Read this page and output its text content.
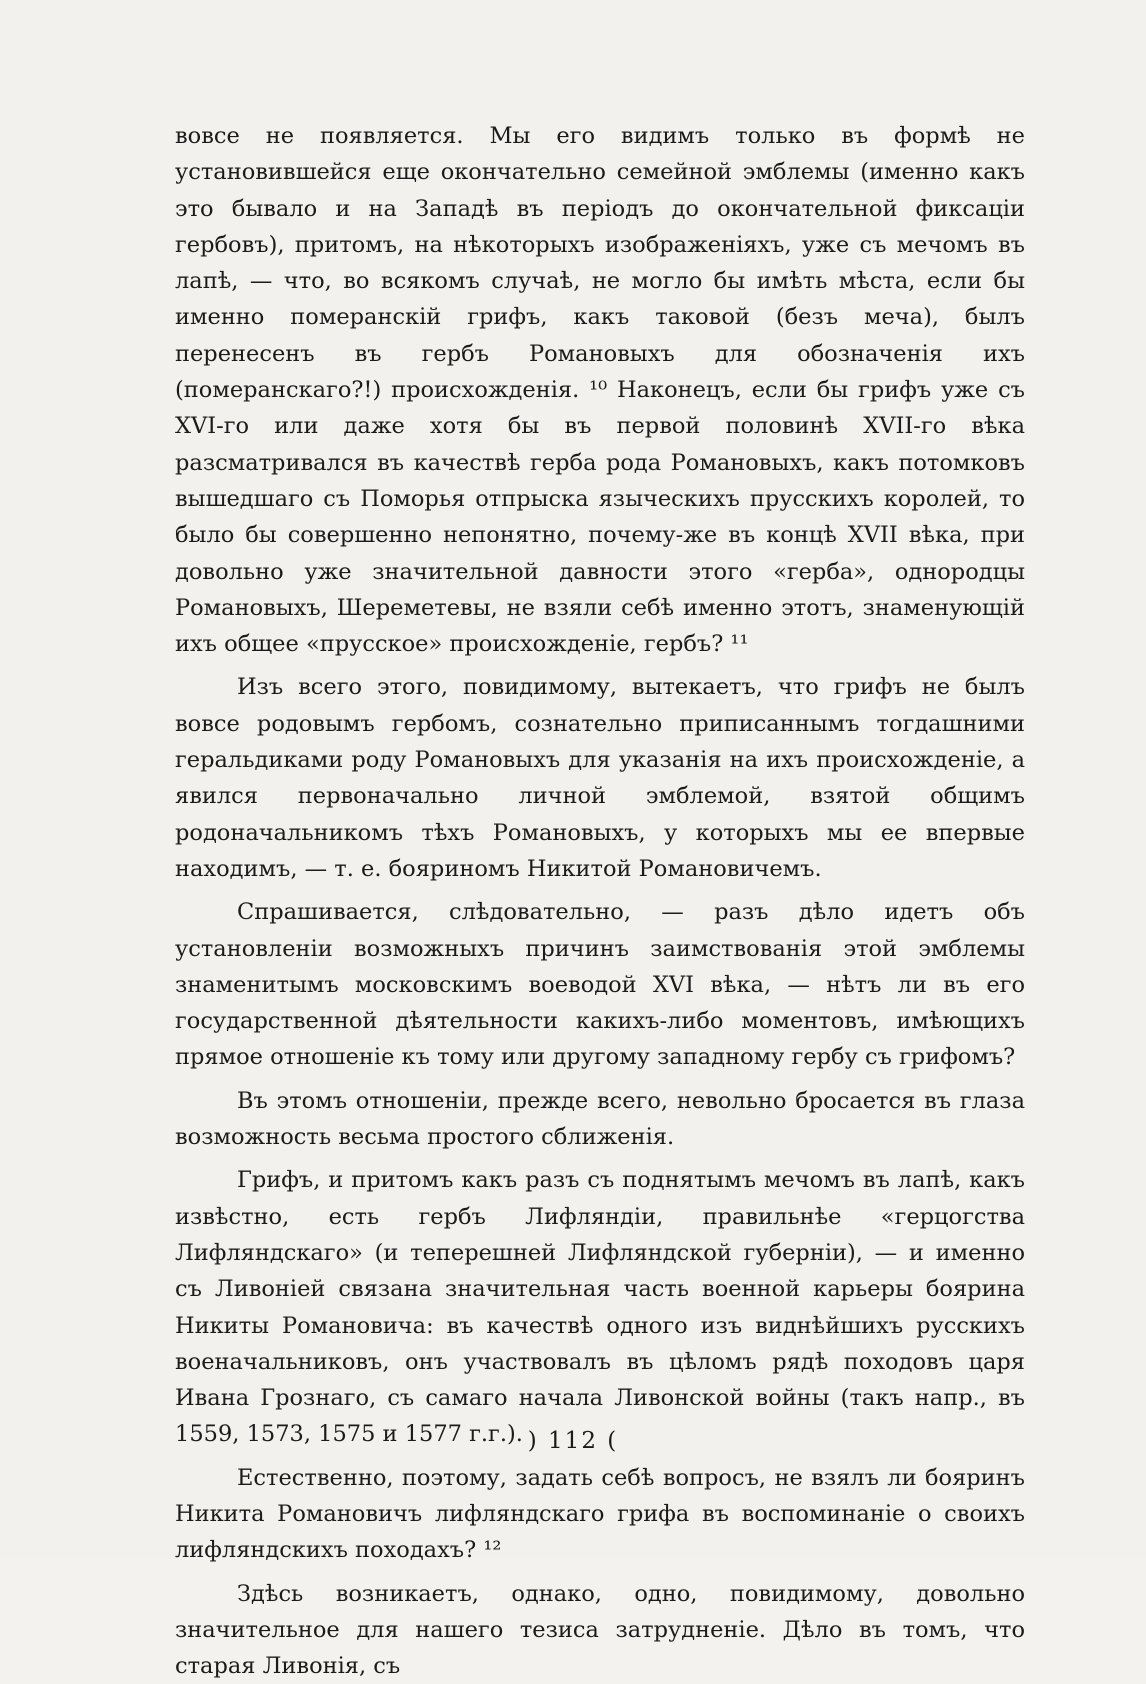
вовсе не появляется. Мы его видимъ только въ формѣ не установившейся еще окончательно семейной эмблемы (именно какъ это бывало и на Западѣ въ періодъ до окончательной фиксаціи гербовъ), притомъ, на нѣкоторыхъ изображеніяхъ, уже съ мечомъ въ лапѣ, — что, во всякомъ случаѣ, не могло бы имѣть мѣста, если бы именно померанскій грифъ, какъ таковой (безъ меча), былъ перенесенъ въ гербъ Романовыхъ для обозначенія ихъ (померанскаго?!) происхожденія. ¹⁰ Наконецъ, если бы грифъ уже съ XVI-го или даже хотя бы въ первой половинѣ XVII-го вѣка разсматривался въ качествѣ герба рода Романовыхъ, какъ потомковъ вышедшаго съ Поморья отпрыска языческихъ прусскихъ королей, то было бы совершенно непонятно, почему-же въ концѣ XVII вѣка, при довольно уже значительной давности этого «герба», однородцы Романовыхъ, Шереметевы, не взяли себѣ именно этотъ, знаменующій ихъ общее «прусское» происхожденіе, гербъ? ¹¹

Изъ всего этого, повидимому, вытекаетъ, что грифъ не былъ вовсе родовымъ гербомъ, сознательно приписаннымъ тогдашними геральдиками роду Романовыхъ для указанія на ихъ происхожденіе, а явился первоначально личной эмблемой, взятой общимъ родоначальникомъ тѣхъ Романовыхъ, у которыхъ мы ее впервые находимъ, — т. е. бояриномъ Никитой Романовичемъ.

Спрашивается, слѣдовательно, — разъ дѣло идетъ объ установленіи возможныхъ причинъ заимствованія этой эмблемы знаменитымъ московскимъ воеводой XVI вѣка, — нѣтъ ли въ его государственной дѣятельности какихъ-либо моментовъ, имѣющихъ прямое отношеніе къ тому или другому западному гербу съ грифомъ?

Въ этомъ отношеніи, прежде всего, невольно бросается въ глаза возможность весьма простого сближенія.

Грифъ, и притомъ какъ разъ съ поднятымъ мечомъ въ лапѣ, какъ извѣстно, есть гербъ Лифляндіи, правильнѣе «герцогства Лифляндскаго» (и теперешней Лифляндской губерніи), — и именно съ Ливоніей связана значительная часть военной карьеры боярина Никиты Романовича: въ качествѣ одного изъ виднѣйшихъ русскихъ военачальниковъ, онъ участвовалъ въ цѣломъ рядѣ походовъ царя Ивана Грознаго, съ самаго начала Ливонской войны (такъ напр., въ 1559, 1573, 1575 и 1577 г.г.).

Естественно, поэтому, задать себѣ вопросъ, не взялъ ли бояринъ Никита Романовичъ лифляндскаго грифа въ воспоминаніе о своихъ лифляндскихъ походахъ? ¹²

Здѣсь возникаетъ, однако, одно, повидимому, довольно значительное для нашего тезиса затрудненіе. Дѣло въ томъ, что старая Ливонія, съ

) 112 (
